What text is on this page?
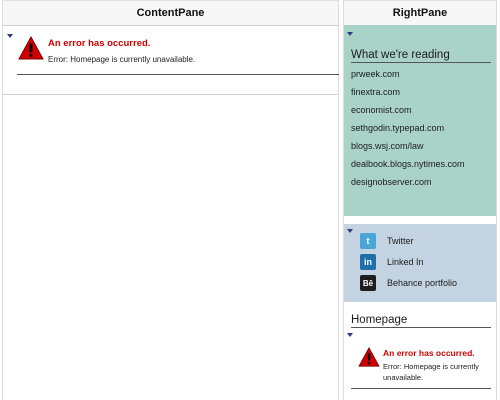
ContentPane
An error has occurred.
Error: Homepage is currently unavailable.
RightPane
What we're reading
prweek.com
finextra.com
economist.com
sethgodin.typepad.com
blogs.wsj.com/law
dealbook.blogs.nytimes.com
designobserver.com
t	Twitter
in	Linked In
Bē	Behance portfolio
Homepage
An error has occurred.
Error: Homepage is currently unavailable.
